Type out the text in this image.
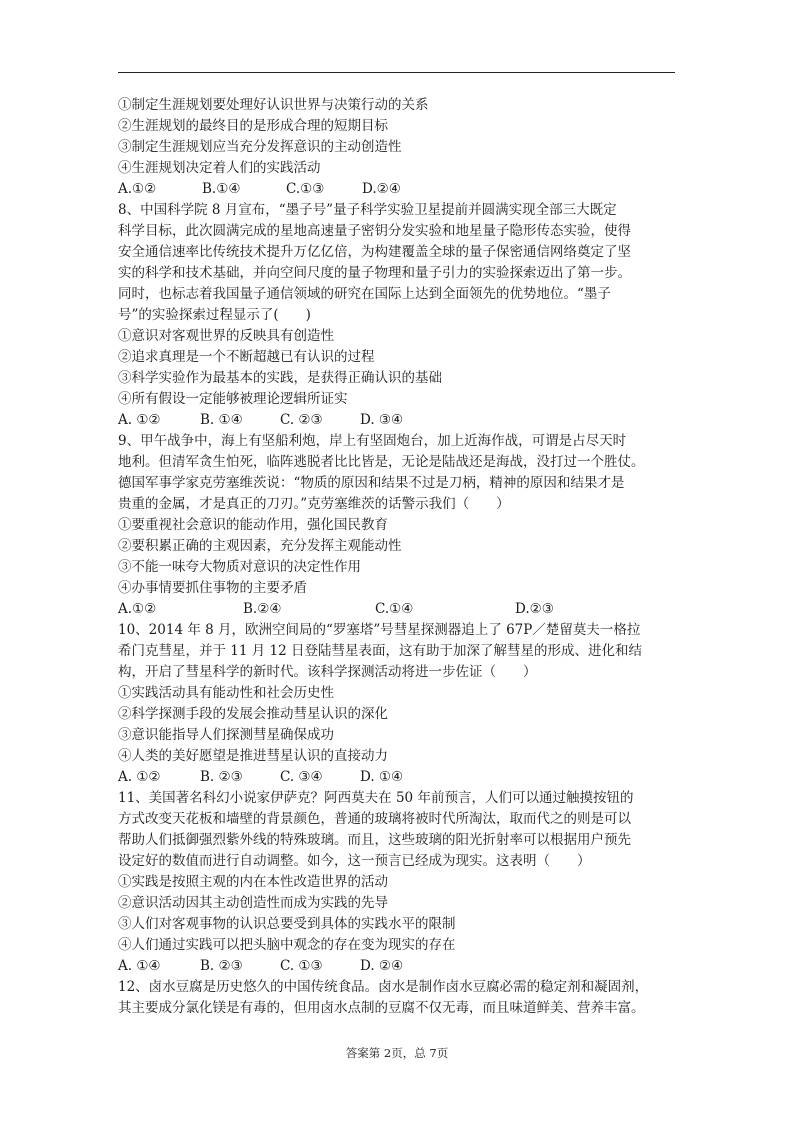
①制定生涯规划要处理好认识世界与决策行动的关系
②生涯规划的最终目的是形成合理的短期目标
③制定生涯规划应当充分发挥意识的主动创造性
④生涯规划决定着人们的实践活动
A.①②	B.①④	C.①③	D.②④
8、中国科学院 8 月宣布，“墨子号”量子科学实验卫星提前并圆满实现全部三大既定
科学目标，此次圆满完成的星地高速量子密钥分发实验和地星量子隐形传态实验，使得
安全通信速率比传统技术提升万亿亿倍，为构建覆盖全球的量子保密通信网络奠定了坚
实的科学和技术基础，并向空间尺度的量子物理和量子引力的实验探索迈出了第一步。
同时，也标志着我国量子通信领域的研究在国际上达到全面领先的优势地位。“墨子
号”的实验探索过程显示了(　　)
①意识对客观世界的反映具有创造性
②追求真理是一个不断超越已有认识的过程
③科学实验作为最基本的实践，是获得正确认识的基础
④所有假设一定能够被理论逻辑所证实
A. ①②	B. ①④	C. ②③	D. ③④
9、甲午战争中，海上有坚船利炮，岸上有坚固炮台，加上近海作战，可谓是占尽天时
地利。但清军贪生怕死，临阵逃脱者比比皆是，无论是陆战还是海战，没打过一个胜仗。
德国军事学家克劳塞维茨说：“物质的原因和结果不过是刀柄，精神的原因和结果才是
贵重的金属，才是真正的刀刃。”克劳塞维茨的话警示我们（　　）
①要重视社会意识的能动作用，强化国民教育
②要积累正确的主观因素，充分发挥主观能动性
③不能一味夸大物质对意识的决定性作用
④办事情要抓住事物的主要矛盾
A.①②	B.②④	C.①④	D.②③
10、2014 年 8 月，欧洲空间局的“罗塞塔”号彗星探测器追上了 67P／楚留莫夫一格拉
希门克彗星，并于 11 月 12 日登陆彗星表面，这有助于加深了解彗星的形成、进化和结
构，开启了彗星科学的新时代。该科学探测活动将进一步佐证（　　）
①实践活动具有能动性和社会历史性
②科学探测手段的发展会推动彗星认识的深化
③意识能指导人们探测彗星确保成功
④人类的美好愿望是推进彗星认识的直接动力
A. ①②	B. ②③	C. ③④	D. ①④
11、美国著名科幻小说家伊萨克？阿西莫夫在 50 年前预言，人们可以通过触摸按钮的
方式改变天花板和墙壁的背景颜色，普通的玻璃将被时代所淘汰，取而代之的则是可以
帮助人们抵御强烈紫外线的特殊玻璃。而且，这些玻璃的阳光折射率可以根据用户预先
设定好的数值而进行自动调整。如今，这一预言已经成为现实。这表明（　　）
①实践是按照主观的内在本性改造世界的活动
②意识活动因其主动创造性而成为实践的先导
③人们对客观事物的认识总要受到具体的实践水平的限制
④人们通过实践可以把头脑中观念的存在变为现实的存在
A. ①④	B. ②③	C. ①③	D. ②④
12、卤水豆腐是历史悠久的中国传统食品。卤水是制作卤水豆腐必需的稳定剂和凝固剂，
其主要成分氯化镁是有毒的，但用卤水点制的豆腐不仅无毒，而且味道鲜美、营养丰富。
答案第 2页，总 7页
